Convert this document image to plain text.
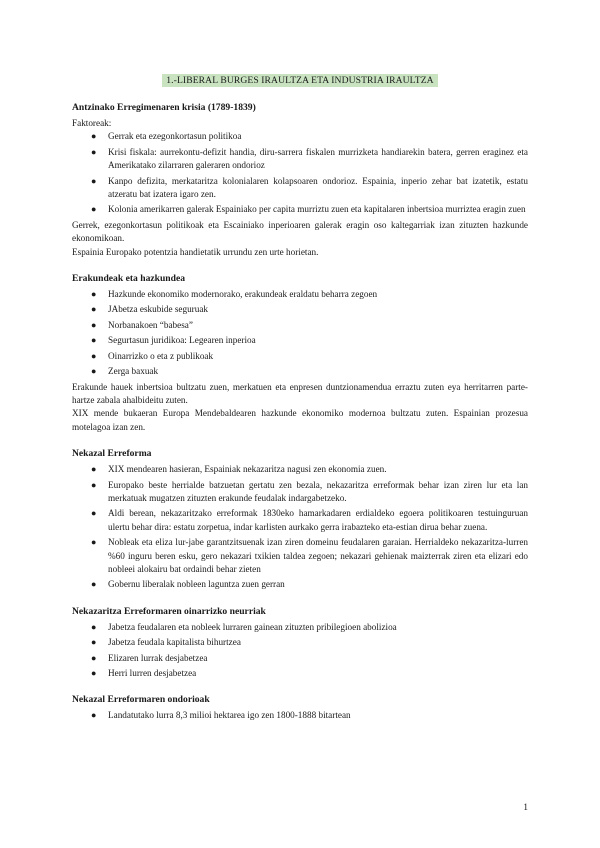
1.-LIBERAL BURGES IRAULTZA ETA INDUSTRIA IRAULTZA
Antzinako Erregimenaren krisia (1789-1839)

Faktoreak:

● Gerrak eta ezegonkortasun politikoa
● Krisi fiskala: aurrekontu-defizit handia, diru-sarrera fiskalen murrizketa handiarekin batera, gerren eraginez eta Amerikatako zilarraren galeraren ondorioz
● Kanpo defizita, merkataritza kolonialaren kolapsoaren ondorioz. Espainia, inperio zehar bat izatetik, estatu atzeratu bat izatera igaro zen.
● Kolonia amerikarren galerak Espainiako per capita murriztu zuen eta kapitalaren inbertsioa murriztea eragin zuen

Gerrek, ezegonkortasun politikoak eta Escainiako inperioaren galerak eragin oso kaltegarriak izan zituzten hazkunde ekonomikoan.

Espainia Europako potentzia handietatik urrundu zen urte horietan.

Erakundeak eta hazkundea
● Hazkunde ekonomiko modernorako, erakundeak eraldatu beharra zegoen
● JAbetza eskubide seguruak
● Norbanakoen “babesa”
● Segurtasun juridikoa: Legearen inperioa
● Oinarrizko o eta z publikoak
● Zerga baxuak

Erakunde hauek inbertsioa bultzatu zuen, merkatuen eta enpresen duntzionamendua erraztu zuten eya herritarren parte-hartze zabala ahalbideitu zuten.

XIX mende bukaeran Europa Mendebaldearen hazkunde ekonomiko modernoa bultzatu zuten. Espainian prozesua motelagoa izan zen.

Nekazal Erreforma
● XIX mendearen hasieran, Espainiak nekazaritza nagusi zen ekonomia zuen.
● Europako beste herrialde batzuetan gertatu zen bezala, nekazaritza erreformak behar izan ziren lur eta lan merkatuak mugatzen zituzten erakunde feudalak indargabetzeko.
● Aldi berean, nekazaritzako erreformak 1830eko hamarkadaren erdialdeko egoera politikoaren testuinguruan ulertu behar dira: estatu zorpetua, indar karlisten aurkako gerra irabazteko eta-estian dirua behar zuena.
● Nobleak eta eliza lur-jabe garantzitsuenak izan ziren domeinu feudalaren garaian. Herrialdeko nekazaritza-lurren %60 inguru beren esku, gero nekazari txikien taldea zegoen; nekazari gehienak maizterrak ziren eta elizari edo nobleei alokairu bat ordaindi behar zieten
● Gobernu liberalak nobleen laguntza zuen gerran
Nekazaritza Erreformaren oinarrizko neurriak
● Jabetza feudalaren eta nobleek lurraren gainean zituzten pribilegioen abolizioa
● Jabetza feudala kapitalista bihurtzea
● Elizaren lurrak desjabetzea
● Herri lurren desjabetzea
Nekazal Erreformaren ondorioak
● Landatutako lurra 8,3 milioi hektarea igo zen 1800-1888 bitartean
1
